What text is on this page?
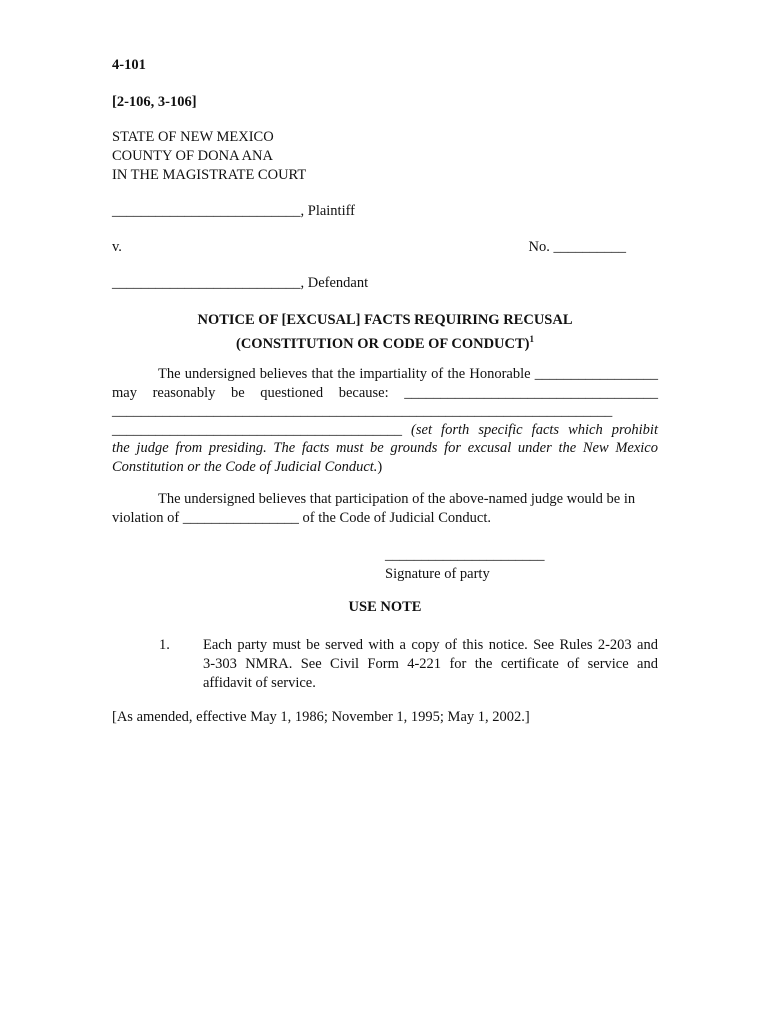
4-101
[2-106, 3-106]
STATE OF NEW MEXICO
COUNTY OF DONA ANA
IN THE MAGISTRATE COURT
__________________________, Plaintiff
v.	No. __________
__________________________, Defendant
NOTICE OF [EXCUSAL] FACTS REQUIRING RECUSAL
(CONSTITUTION OR CODE OF CONDUCT)$^1$
The undersigned believes that the impartiality of the Honorable _________________
may reasonably be questioned because: ___________________________________
_____________________________________________________________________
________________________________________ (set forth specific facts which prohibit
the judge from presiding. The facts must be grounds for excusal under the New Mexico
Constitution or the Code of Judicial Conduct.)
The undersigned believes that participation of the above-named judge would be in
violation of ________________ of the Code of Judicial Conduct.
______________________
Signature of party
USE NOTE
1. Each party must be served with a copy of this notice. See Rules 2-203 and
3-303 NMRA. See Civil Form 4-221 for the certificate of service and
affidavit of service.
[As amended, effective May 1, 1986; November 1, 1995; May 1, 2002.]
